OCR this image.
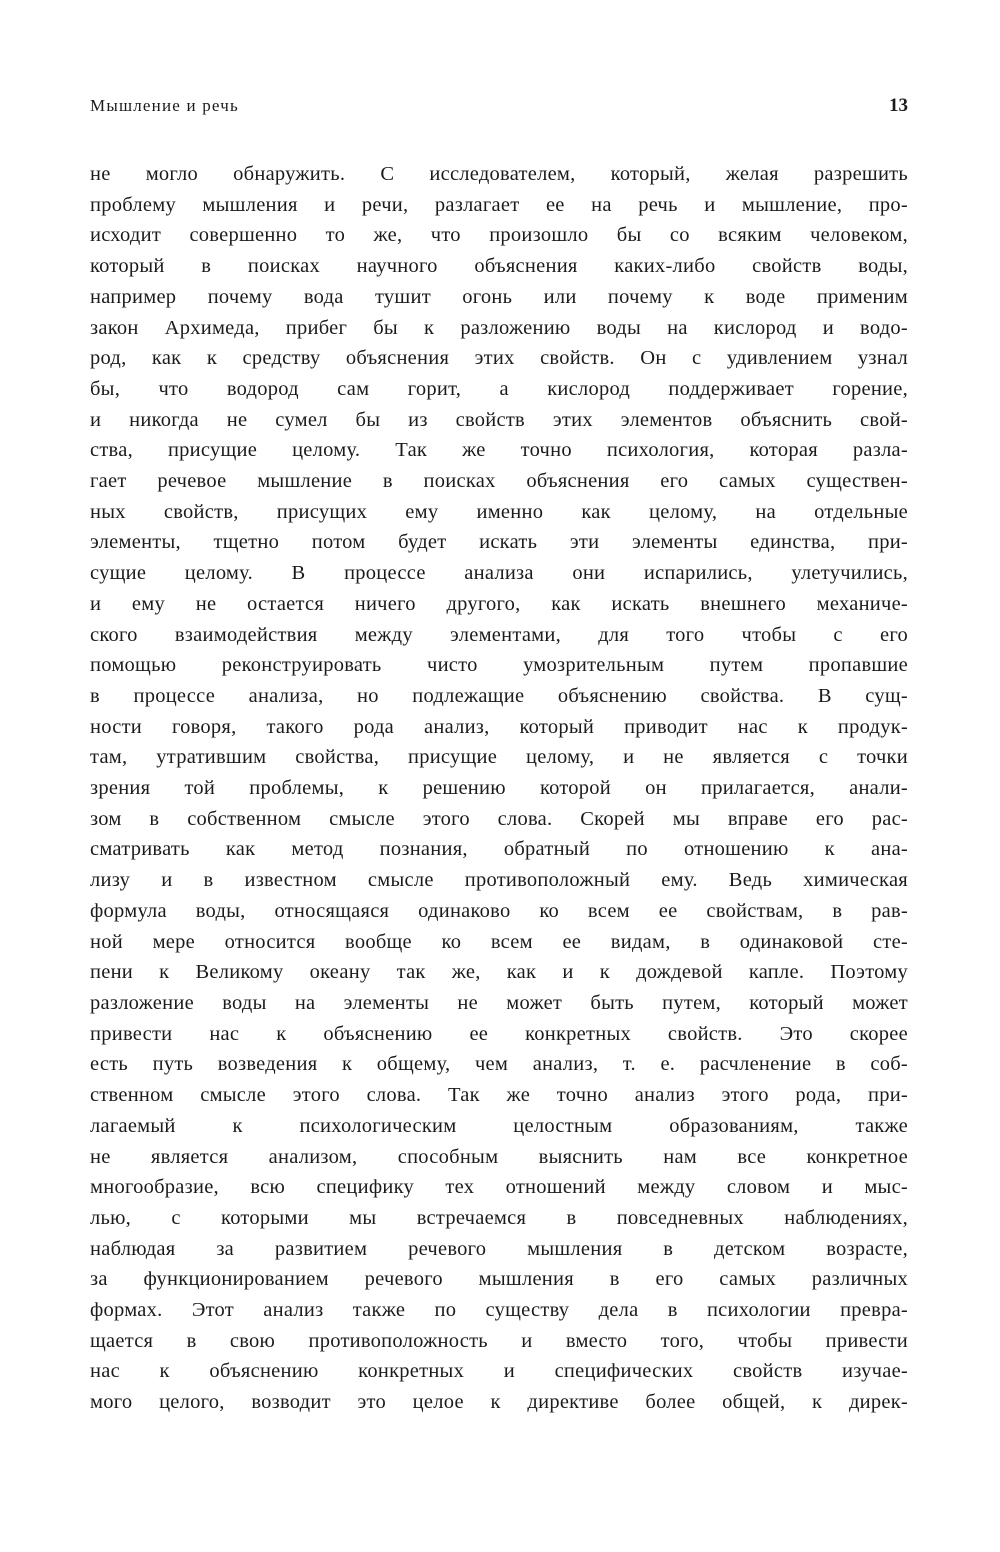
Мышление и речь	13
не могло обнаружить. С исследователем, который, желая разрешить
проблему мышления и речи, разлагает ее на речь и мышление, про-
исходит совершенно то же, что произошло бы со всяким человеком,
который в поисках научного объяснения каких-либо свойств воды,
например почему вода тушит огонь или почему к воде применим
закон Архимеда, прибег бы к разложению воды на кислород и водо-
род, как к средству объяснения этих свойств. Он с удивлением узнал
бы, что водород сам горит, а кислород поддерживает горение,
и никогда не сумел бы из свойств этих элементов объяснить свой-
ства, присущие целому. Так же точно психология, которая разла-
гает речевое мышление в поисках объяснения его самых существен-
ных свойств, присущих ему именно как целому, на отдельные
элементы, тщетно потом будет искать эти элементы единства, при-
сущие целому. В процессе анализа они испарились, улетучились,
и ему не остается ничего другого, как искать внешнего механиче-
ского взаимодействия между элементами, для того чтобы с его
помощью реконструировать чисто умозрительным путем пропавшие
в процессе анализа, но подлежащие объяснению свойства. В сущ-
ности говоря, такого рода анализ, который приводит нас к продук-
там, утратившим свойства, присущие целому, и не является с точки
зрения той проблемы, к решению которой он прилагается, анали-
зом в собственном смысле этого слова. Скорей мы вправе его рас-
сматривать как метод познания, обратный по отношению к ана-
лизу и в известном смысле противоположный ему. Ведь химическая
формула воды, относящаяся одинаково ко всем ее свойствам, в рав-
ной мере относится вообще ко всем ее видам, в одинаковой сте-
пени к Великому океану так же, как и к дождевой капле. Поэтому
разложение воды на элементы не может быть путем, который может
привести нас к объяснению ее конкретных свойств. Это скорее
есть путь возведения к общему, чем анализ, т. е. расчленение в соб-
ственном смысле этого слова. Так же точно анализ этого рода, при-
лагаемый к психологическим целостным образованиям, также
не является анализом, способным выяснить нам все конкретное
многообразие, всю специфику тех отношений между словом и мыс-
лью, с которыми мы встречаемся в повседневных наблюдениях,
наблюдая за развитием речевого мышления в детском возрасте,
за функционированием речевого мышления в его самых различных
формах. Этот анализ также по существу дела в психологии превра-
щается в свою противоположность и вместо того, чтобы привести
нас к объяснению конкретных и специфических свойств изучае-
мого целого, возводит это целое к директиве более общей, к дирек-
